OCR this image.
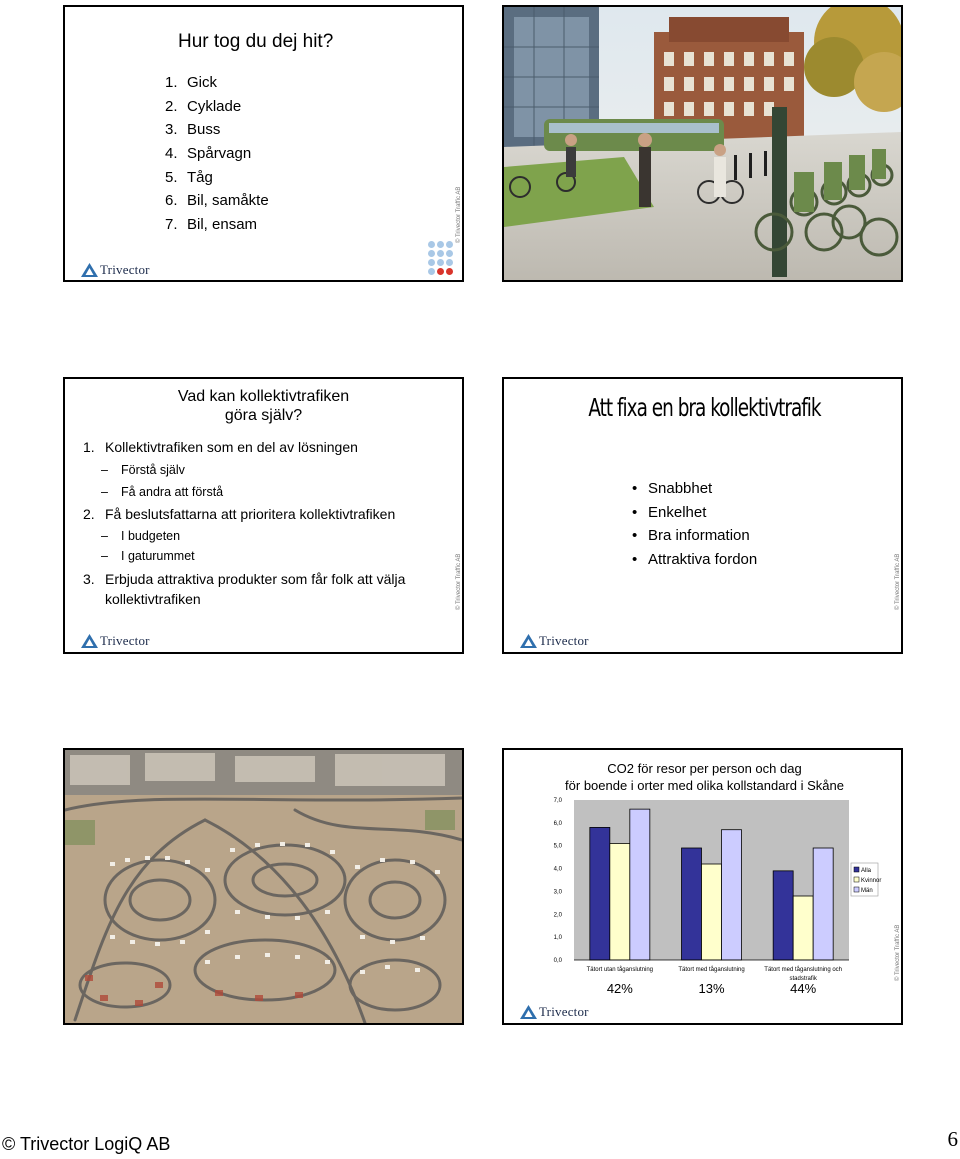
Hur tog du dej hit?
1. Gick
2. Cyklade
3. Buss
4. Spårvagn
5. Tåg
6. Bil, samåkte
7. Bil, ensam	© Trivector Traffic AB
Trivector
Vad kan kollektivtrafiken
göra själv?
1. Kollektivtrafiken som en del av lösningen
– Förstå själv
– Få andra att förstå
2. Få beslutsfattarna att prioritera kollektivtrafiken
– I budgeten
– I gaturummet
3. Erbjuda attraktiva produkter som får folk att välja
kollektivtrafiken	© Trivector Traffic AB
Trivector
Att fixa en bra kollektivtrafik
• Snabbhet
• Enkelhet
• Bra information
• Attraktiva fordon	© Trivector Traffic AB
Trivector
CO2 för resor per person och dag
för boende i orter med olika kollstandard i Skåne
0,0
1,0
2,0
3,0
4,0
5,0
6,0
7,0
Tätort utan tåganslutning
42%
Tätort med tåganslutning
13%
Tätort med tåganslutning och
stadstrafik
44%
Alla
Kvinnor
Män
© Trivector Traffic AB
Trivector
© Trivector LogiQ AB	6
